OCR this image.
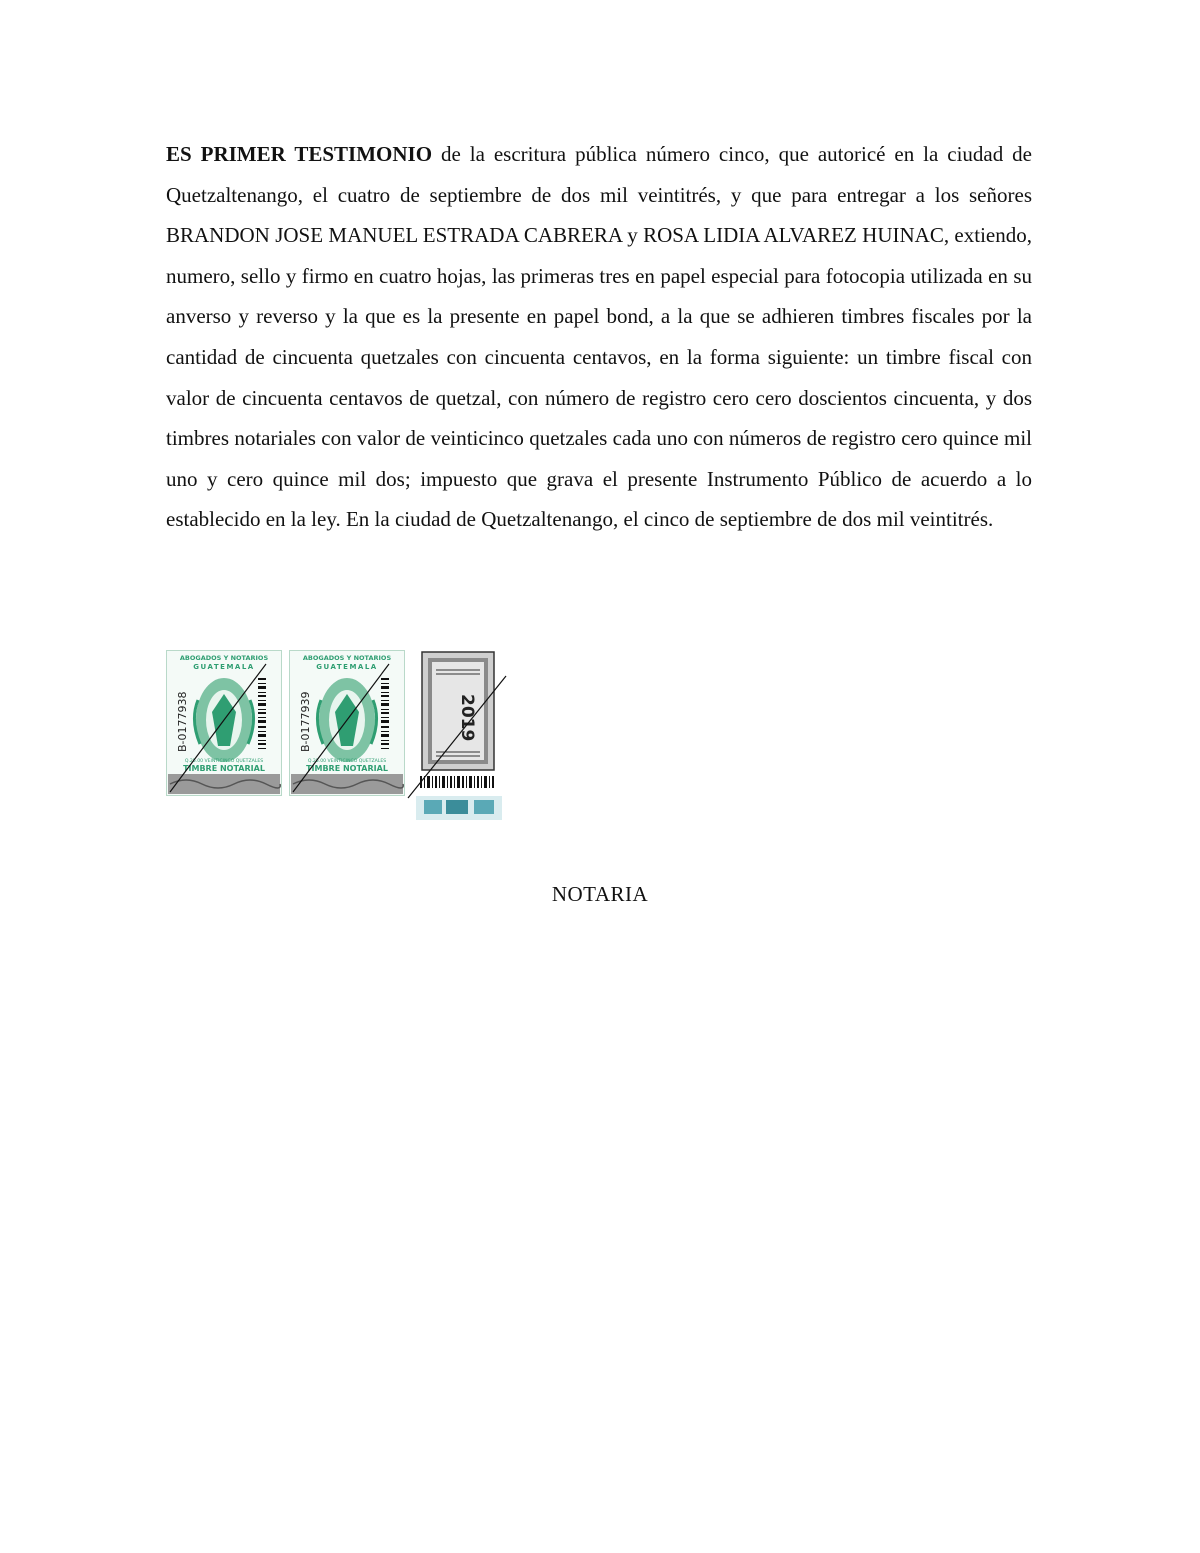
ES PRIMER TESTIMONIO de la escritura pública número cinco, que autoricé en la ciudad de Quetzaltenango, el cuatro de septiembre de dos mil veintitrés, y que para entregar a los señores BRANDON JOSE MANUEL ESTRADA CABRERA y ROSA LIDIA ALVAREZ HUINAC, extiendo, numero, sello y firmo en cuatro hojas, las primeras tres en papel especial para fotocopia utilizada en su anverso y reverso y la que es la presente en papel bond, a la que se adhieren timbres fiscales por la cantidad de cincuenta quetzales con cincuenta centavos, en la forma siguiente: un timbre fiscal con valor de cincuenta centavos de quetzal, con número de registro cero cero doscientos cincuenta, y dos timbres notariales con valor de veinticinco quetzales cada uno con números de registro cero quince mil uno y cero quince mil dos; impuesto que grava el presente Instrumento Público de acuerdo a lo establecido en la ley. En la ciudad de Quetzaltenango, el cinco de septiembre de dos mil veintitrés.

ABOGADOS Y NOTARIOS
GUATEMALA
B-0177938
Q.25.00 VEINTICINCO QUETZALES
TIMBRE NOTARIAL
ABOGADOS Y NOTARIOS
GUATEMALA
B-0177939
Q.25.00 VEINTICINCO QUETZALES
TIMBRE NOTARIAL
2019
NOTARIA
